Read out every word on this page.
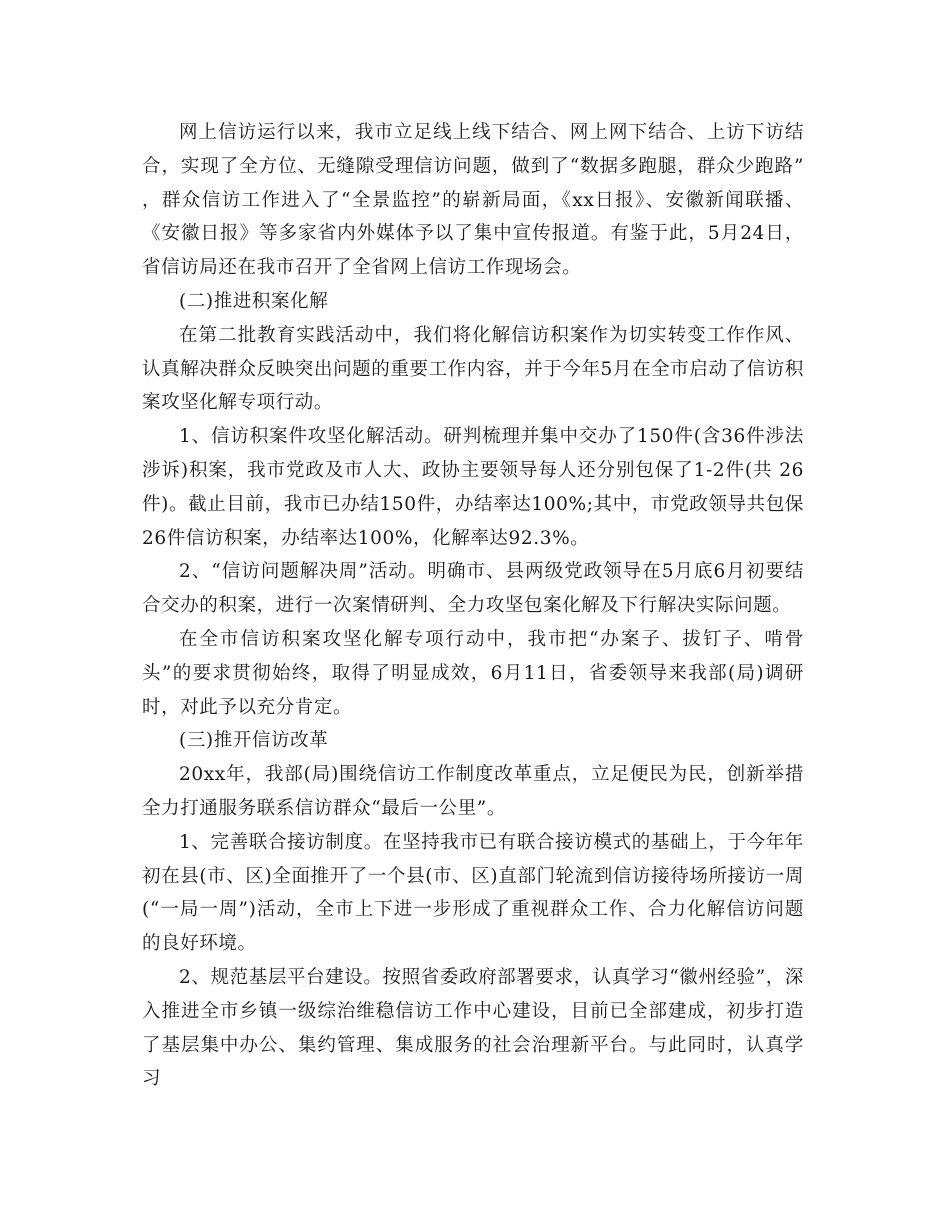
网上信访运行以来，我市立足线上线下结合、网上网下结合、上访下访结合，实现了全方位、无缝隙受理信访问题，做到了“数据多跑腿，群众少跑路” ，群众信访工作进入了“全景监控”的崭新局面，《xx日报》、安徽新闻联播、《安徽日报》等多家省内外媒体予以了集中宣传报道。有鉴于此，5月24日，省信访局还在我市召开了全省网上信访工作现场会。

(二)推进积案化解

在第二批教育实践活动中，我们将化解信访积案作为切实转变工作作风、认真解决群众反映突出问题的重要工作内容，并于今年5月在全市启动了信访积案攻坚化解专项行动。

1、信访积案件攻坚化解活动。研判梳理并集中交办了150件(含36件涉法涉诉)积案，我市党政及市人大、政协主要领导每人还分别包保了1-2件(共 26件)。截止目前，我市已办结150件，办结率达100%;其中，市党政领导共包保26件信访积案，办结率达100%，化解率达92.3%。

2、“信访问题解决周”活动。明确市、县两级党政领导在5月底6月初要结合交办的积案，进行一次案情研判、全力攻坚包案化解及下行解决实际问题。

在全市信访积案攻坚化解专项行动中，我市把“办案子、拔钉子、啃骨头”的要求贯彻始终，取得了明显成效，6月11日，省委领导来我部(局)调研时，对此予以充分肯定。

(三)推开信访改革

20xx年，我部(局)围绕信访工作制度改革重点，立足便民为民，创新举措全力打通服务联系信访群众“最后一公里”。

1、完善联合接访制度。在坚持我市已有联合接访模式的基础上，于今年年初在县(市、区)全面推开了一个县(市、区)直部门轮流到信访接待场所接访一周(“一局一周”)活动，全市上下进一步形成了重视群众工作、合力化解信访问题的良好环境。

2、规范基层平台建设。按照省委政府部署要求，认真学习“徽州经验”，深入推进全市乡镇一级综治维稳信访工作中心建设，目前已全部建成，初步打造了基层集中办公、集约管理、集成服务的社会治理新平台。与此同时，认真学习
